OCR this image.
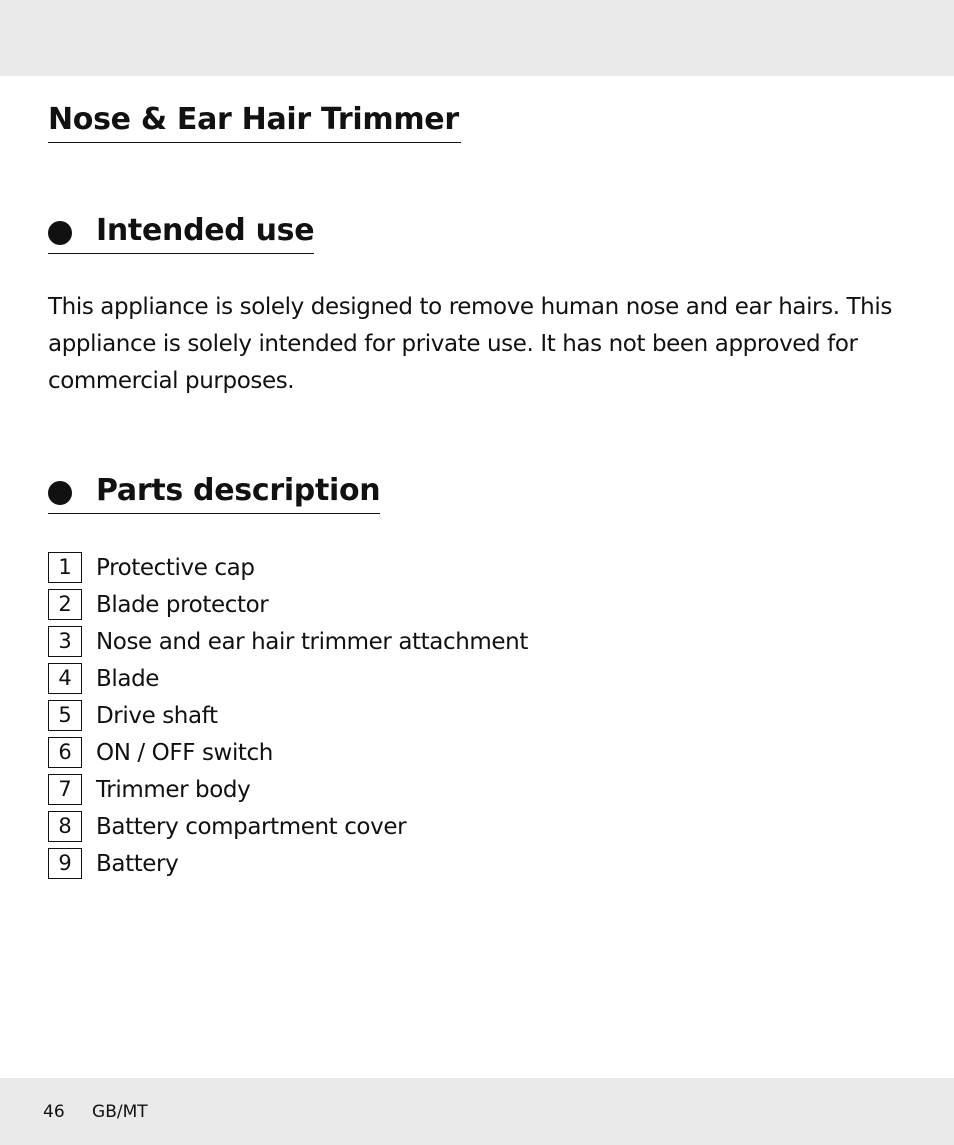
Nose & Ear Hair Trimmer
Intended use

This appliance is solely designed to remove human nose and ear hairs. This appliance is solely intended for private use. It has not been approved for commercial purposes.

Parts description
1	Protective cap
2	Blade protector
3	Nose and ear hair trimmer attachment
4	Blade
5	Drive shaft
6	ON / OFF switch
7	Trimmer body
8	Battery compartment cover
9	Battery
46 GB/MT
